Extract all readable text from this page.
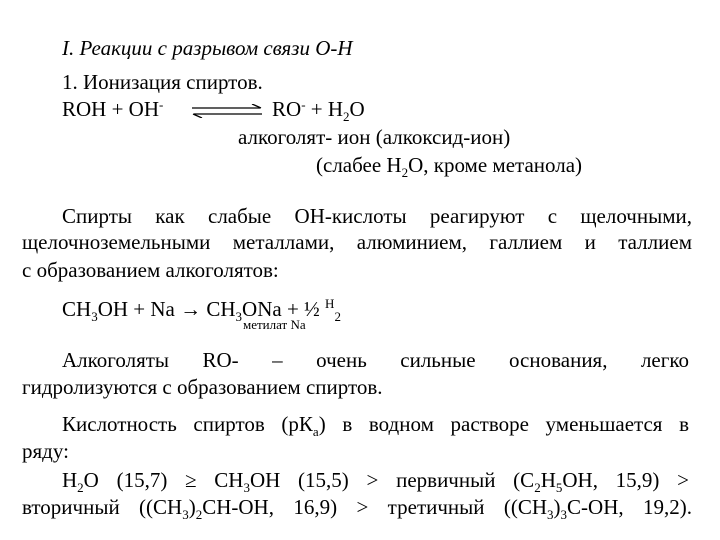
I. Реакции с разрывом связи О-Н
1. Ионизация спиртов.
ROH + OH-	$RO^- + H_2O$
алкоголят- ион (алкоксид-ион)
(слабее $H_2O$, кроме метанола)
Спирты как слабые ОН-кислоты реагируют с щелочными,
щелочноземельными металлами, алюминием, галлием и таллием
с образованием алкоголятов:
$CH_3OH + Na \to CH_3ONa$ + ½ $^H_2$
метилат Na
Алкоголяты RO- – очень сильные основания, легко
гидролизуются с образованием спиртов.
Кислотность спиртов $(рК_а)$ в водном растворе уменьшается в
ряду:
$H_2O$ $(15,7) \ge CH_3OH$ (15,5) > первичный ($C_2H_5OH$, 15,9) >
вторичный ($(CH_3)_2CH-OH$, 16,9) > третичный ($(CH_3)_3C-OH$, 19,2).
